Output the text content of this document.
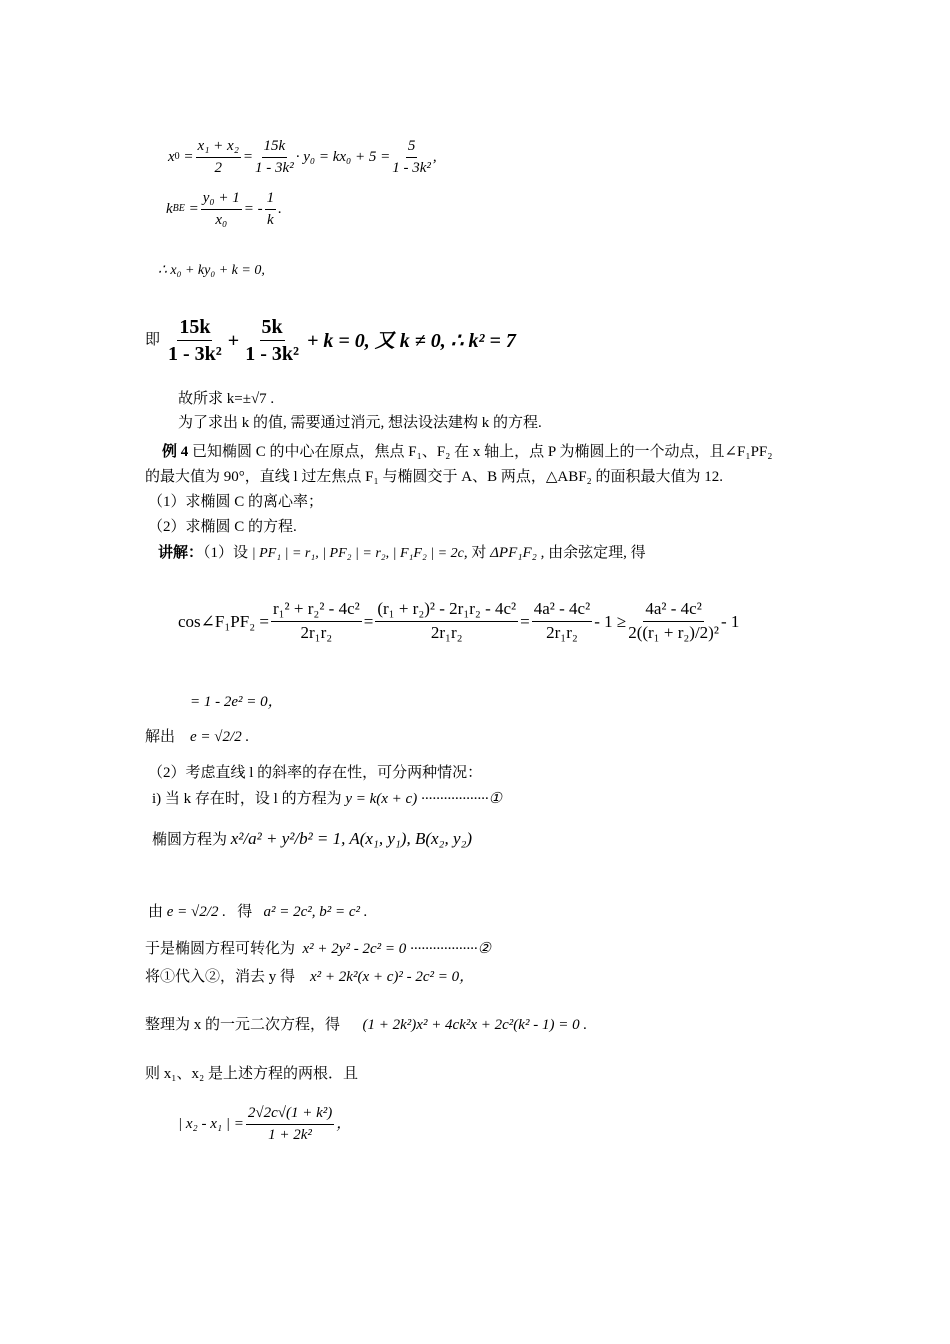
x $0 = \frac{\text{x₁ + x₂}}{2} = \frac{15k}{\text{1 - 3k²}} \cdot y_0 = kx_0 + 5 = \frac{5}{\text{1 - 3k²}}$ ,
k BE = $\frac{\text{y₀ + 1}}{\text{x₀}}$ = - $\frac{1}{k}$ .
∴ x₀ + ky₀ + k = 0,
即 $\frac{15k}{\text{1 - 3k²}} + \frac{5k}{\text{1 - 3k²}} + k = 0$, 又 k ≠ 0, ∴ k² = 7
故所求 k=±√7 .
为了求出 k 的值, 需要通过消元, 想法设法建构 k 的方程.
例 4 已知椭圆 C 的中心在原点，焦点 F₁、F₂ 在 x 轴上，点 P 为椭圆上的一个动点，且∠F₁PF₂
的最大值为 90°，直线 l 过左焦点 F₁ 与椭圆交于 A、B 两点，△ABF₂ 的面积最大值为 12.
（1）求椭圆 C 的离心率；
（2）求椭圆 C 的方程.
讲解：（1）设 | PF₁ | = r₁, | PF₂ | = r₂, | F₁F₂ | = 2c, 对 ΔPF₁F₂ , 由余弦定理, 得
cos∠F₁PF₂ = $\frac{\text{r₁² + r₂² - 4c²}}{\text{2r₁r₂}} = \frac{\text{(r₁ + r₂)² - 2r₁r₂ - 4c²}}{\text{2r₁r₂}} = \frac{\text{4a² - 4c²}}{\text{2r₁r₂}} - 1 \ge \frac{\text{4a² - 4c²}}{\text{2((r₁ + r₂)/2)²}} - 1$
= 1 - 2e² = 0，
解出 e = √2/2 .
（2）考虑直线 l 的斜率的存在性，可分两种情况：
i) 当 k 存在时，设 l 的方程为 y = k(x + c) ··················①
椭圆方程为 x²/a² + y²/b² = 1, A(x₁, y₁), B(x₂, y₂)
由 e = √2/2 . 得 a² = 2c², b² = c² .
于是椭圆方程可转化为 x² + 2y² - 2c² = 0 ··················②
将①代入②，消去 y 得 x² + 2k²(x + c)² - 2c² = 0，
整理为 x 的一元二次方程，得 (1 + 2k²)x² + 4ck²x + 2c²(k² - 1) = 0 .
则 x₁、x₂ 是上述方程的两根．且
| x₂ - x₁ | = $\frac{\text{2√2c√(1 + k²)}}{\text{1 + 2k²}}$ ，
